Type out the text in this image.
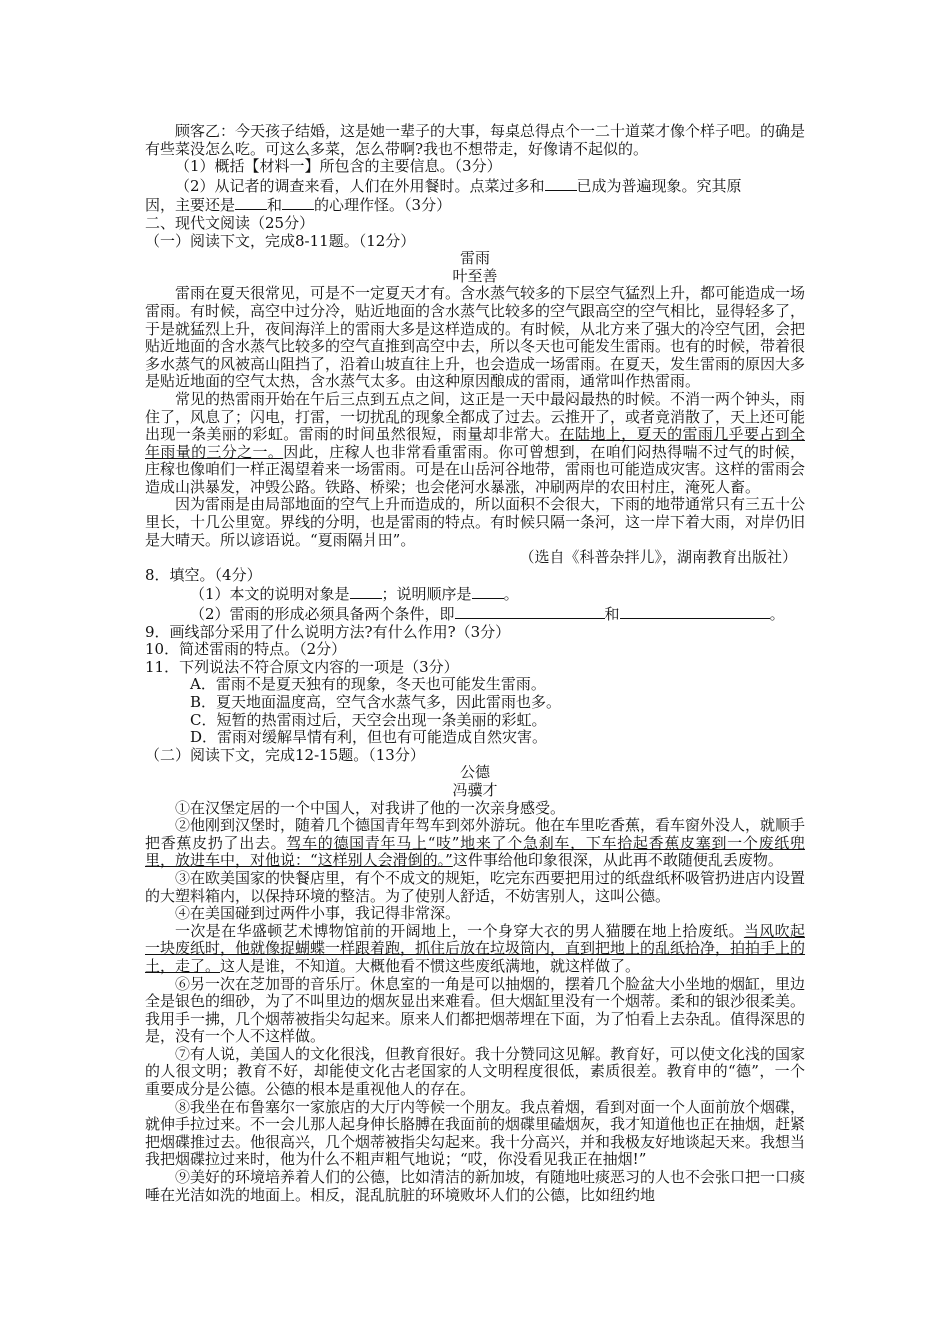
顾客乙：今天孩子结婚，这是她一辈子的大事，每桌总得点个一二十道菜才像个样子吧。的确是有些菜没怎么吃。可这么多菜，怎么带啊?我也不想带走，好像请不起似的。

（1）概括【材料一】所包含的主要信息。（3分）

（2）从记者的调查来看，人们在外用餐时。点菜过多和 已成为普遍现象。究其原

因，主要还是 和 的心理作怪。（3分）

二、现代文阅读（25分）

（一）阅读下文，完成8-11题。（12分）

雷雨

叶至善

雷雨在夏天很常见，可是不一定夏天才有。含水蒸气较多的下层空气猛烈上升，都可能造成一场雷雨。有时候，高空中过分冷，贴近地面的含水蒸气比较多的空气跟高空的空气相比，显得轻多了，于是就猛烈上升，夜间海洋上的雷雨大多是这样造成的。有时候，从北方来了强大的冷空气团，会把贴近地面的含水蒸气比较多的空气直推到高空中去，所以冬天也可能发生雷雨。也有的时候，带着很多水蒸气的风被高山阻挡了，沿着山坡直往上升，也会造成一场雷雨。在夏天，发生雷雨的原因大多是贴近地面的空气太热，含水蒸气太多。由这种原因酿成的雷雨，通常叫作热雷雨。

常见的热雷雨开始在午后三点到五点之间，这正是一天中最闷最热的时候。不消一两个钟头，雨住了，风息了；闪电，打雷，一切扰乱的现象全都成了过去。云推开了，或者竟消散了，天上还可能出现一条美丽的彩虹。雷雨的时间虽然很短，雨量却非常大。在陆地上，夏天的雷雨几乎要占到全年雨量的三分之一。因此，庄稼人也非常看重雷雨。你可曾想到，在咱们闷热得喘不过气的时候，庄稼也像咱们一样正渴望着来一场雷雨。可是在山岳河谷地带，雷雨也可能造成灾害。这样的雷雨会造成山洪暴发，冲毁公路。铁路、桥梁；也会佬河水暴涨，冲刷两岸的农田村庄，淹死人畜。

因为雷雨是由局部地面的空气上升而造成的，所以面积不会很大，下雨的地带通常只有三五十公里长，十几公里宽。界线的分明，也是雷雨的特点。有时候只隔一条河，这一岸下着大雨，对岸仍旧是大晴天。所以谚语说。“夏雨隔爿田”。

（选自《科普杂拌儿》，湖南教育出版社）

8．填空。（4分）

（1）本文的说明对象是 ；说明顺序是 。

（2）雷雨的形成必须具备两个条件，即	和	。

9．画线部分采用了什么说明方法?有什么作用?（3分）

10．简述雷雨的特点。（2分）

11．下列说法不符合原文内容的一项是（3分）

A．雷雨不是夏天独有的现象，冬天也可能发生雷雨。

B．夏天地面温度高，空气含水蒸气多，因此雷雨也多。

C．短暂的热雷雨过后，天空会出现一条美丽的彩虹。

D．雷雨对缓解旱情有利，但也有可能造成自然灾害。

（二）阅读下文，完成12-15题。（13分）

公德

冯骥才

①在汉堡定居的一个中国人，对我讲了他的一次亲身感受。

②他刚到汉堡时，随着几个德国青年驾车到郊外游玩。他在车里吃香蕉，看车窗外没人，就顺手把香蕉皮扔了出去。驾车的德国青年马上“吱”地来了个急刹车，下车拾起香蕉皮塞到一个废纸兜里，放进车中，对他说：“这样别人会滑倒的。”这件事给他印象很深，从此再不敢随便乱丢废物。

③在欧美国家的快餐店里，有个不成文的规矩，吃完东西要把用过的纸盘纸杯吸管扔进店内设置的大塑料箱内，以保持环境的整洁。为了使别人舒适，不妨害别人，这叫公德。

④在美国碰到过两件小事，我记得非常深。

一次是在华盛顿艺术博物馆前的开阔地上，一个身穿大衣的男人猫腰在地上拾废纸。当风吹起一块废纸时，他就像捉蝴蝶一样跟着跑，抓住后放在垃圾筒内，直到把地上的乱纸拾净，拍拍手上的土，走了。这人是谁，不知道。大概他看不惯这些废纸满地，就这样做了。

⑥另一次在芝加哥的音乐厅。休息室的一角是可以抽烟的，摆着几个脸盆大小坐地的烟缸，里边全是银色的细砂，为了不叫里边的烟灰显出来难看。但大烟缸里没有一个烟蒂。柔和的银沙很柔美。我用手一拂，几个烟蒂被指尖勾起来。原来人们都把烟蒂埋在下面，为了怕看上去杂乱。值得深思的是，没有一个人不这样做。

⑦有人说，美国人的文化很浅，但教育很好。我十分赞同这见解。教育好，可以使文化浅的国家的人很文明；教育不好，却能使文化古老国家的人文明程度很低，素质很差。教育申的“德”，一个重要成分是公德。公德的根本是重视他人的存在。

⑧我坐在布鲁塞尔一家旅店的大厅内等候一个朋友。我点着烟，看到对面一个人面前放个烟碟，就伸手拉过来。不一会儿那人起身伸长胳膊在我面前的烟碟里磕烟灰，我才知道他也正在抽烟，赶紧把烟碟推过去。他很高兴，几个烟蒂被指尖勾起来。我十分高兴，并和我极友好地谈起天来。我想当我把烟碟拉过来时，他为什么不粗声粗气地说；“哎，你没看见我正在抽烟!”

⑨美好的环境培养着人们的公德，比如清洁的新加坡，有随地吐痰恶习的人也不会张口把一口痰唾在光洁如洗的地面上。相反，混乱肮脏的环境败坏人们的公德，比如纽约地
